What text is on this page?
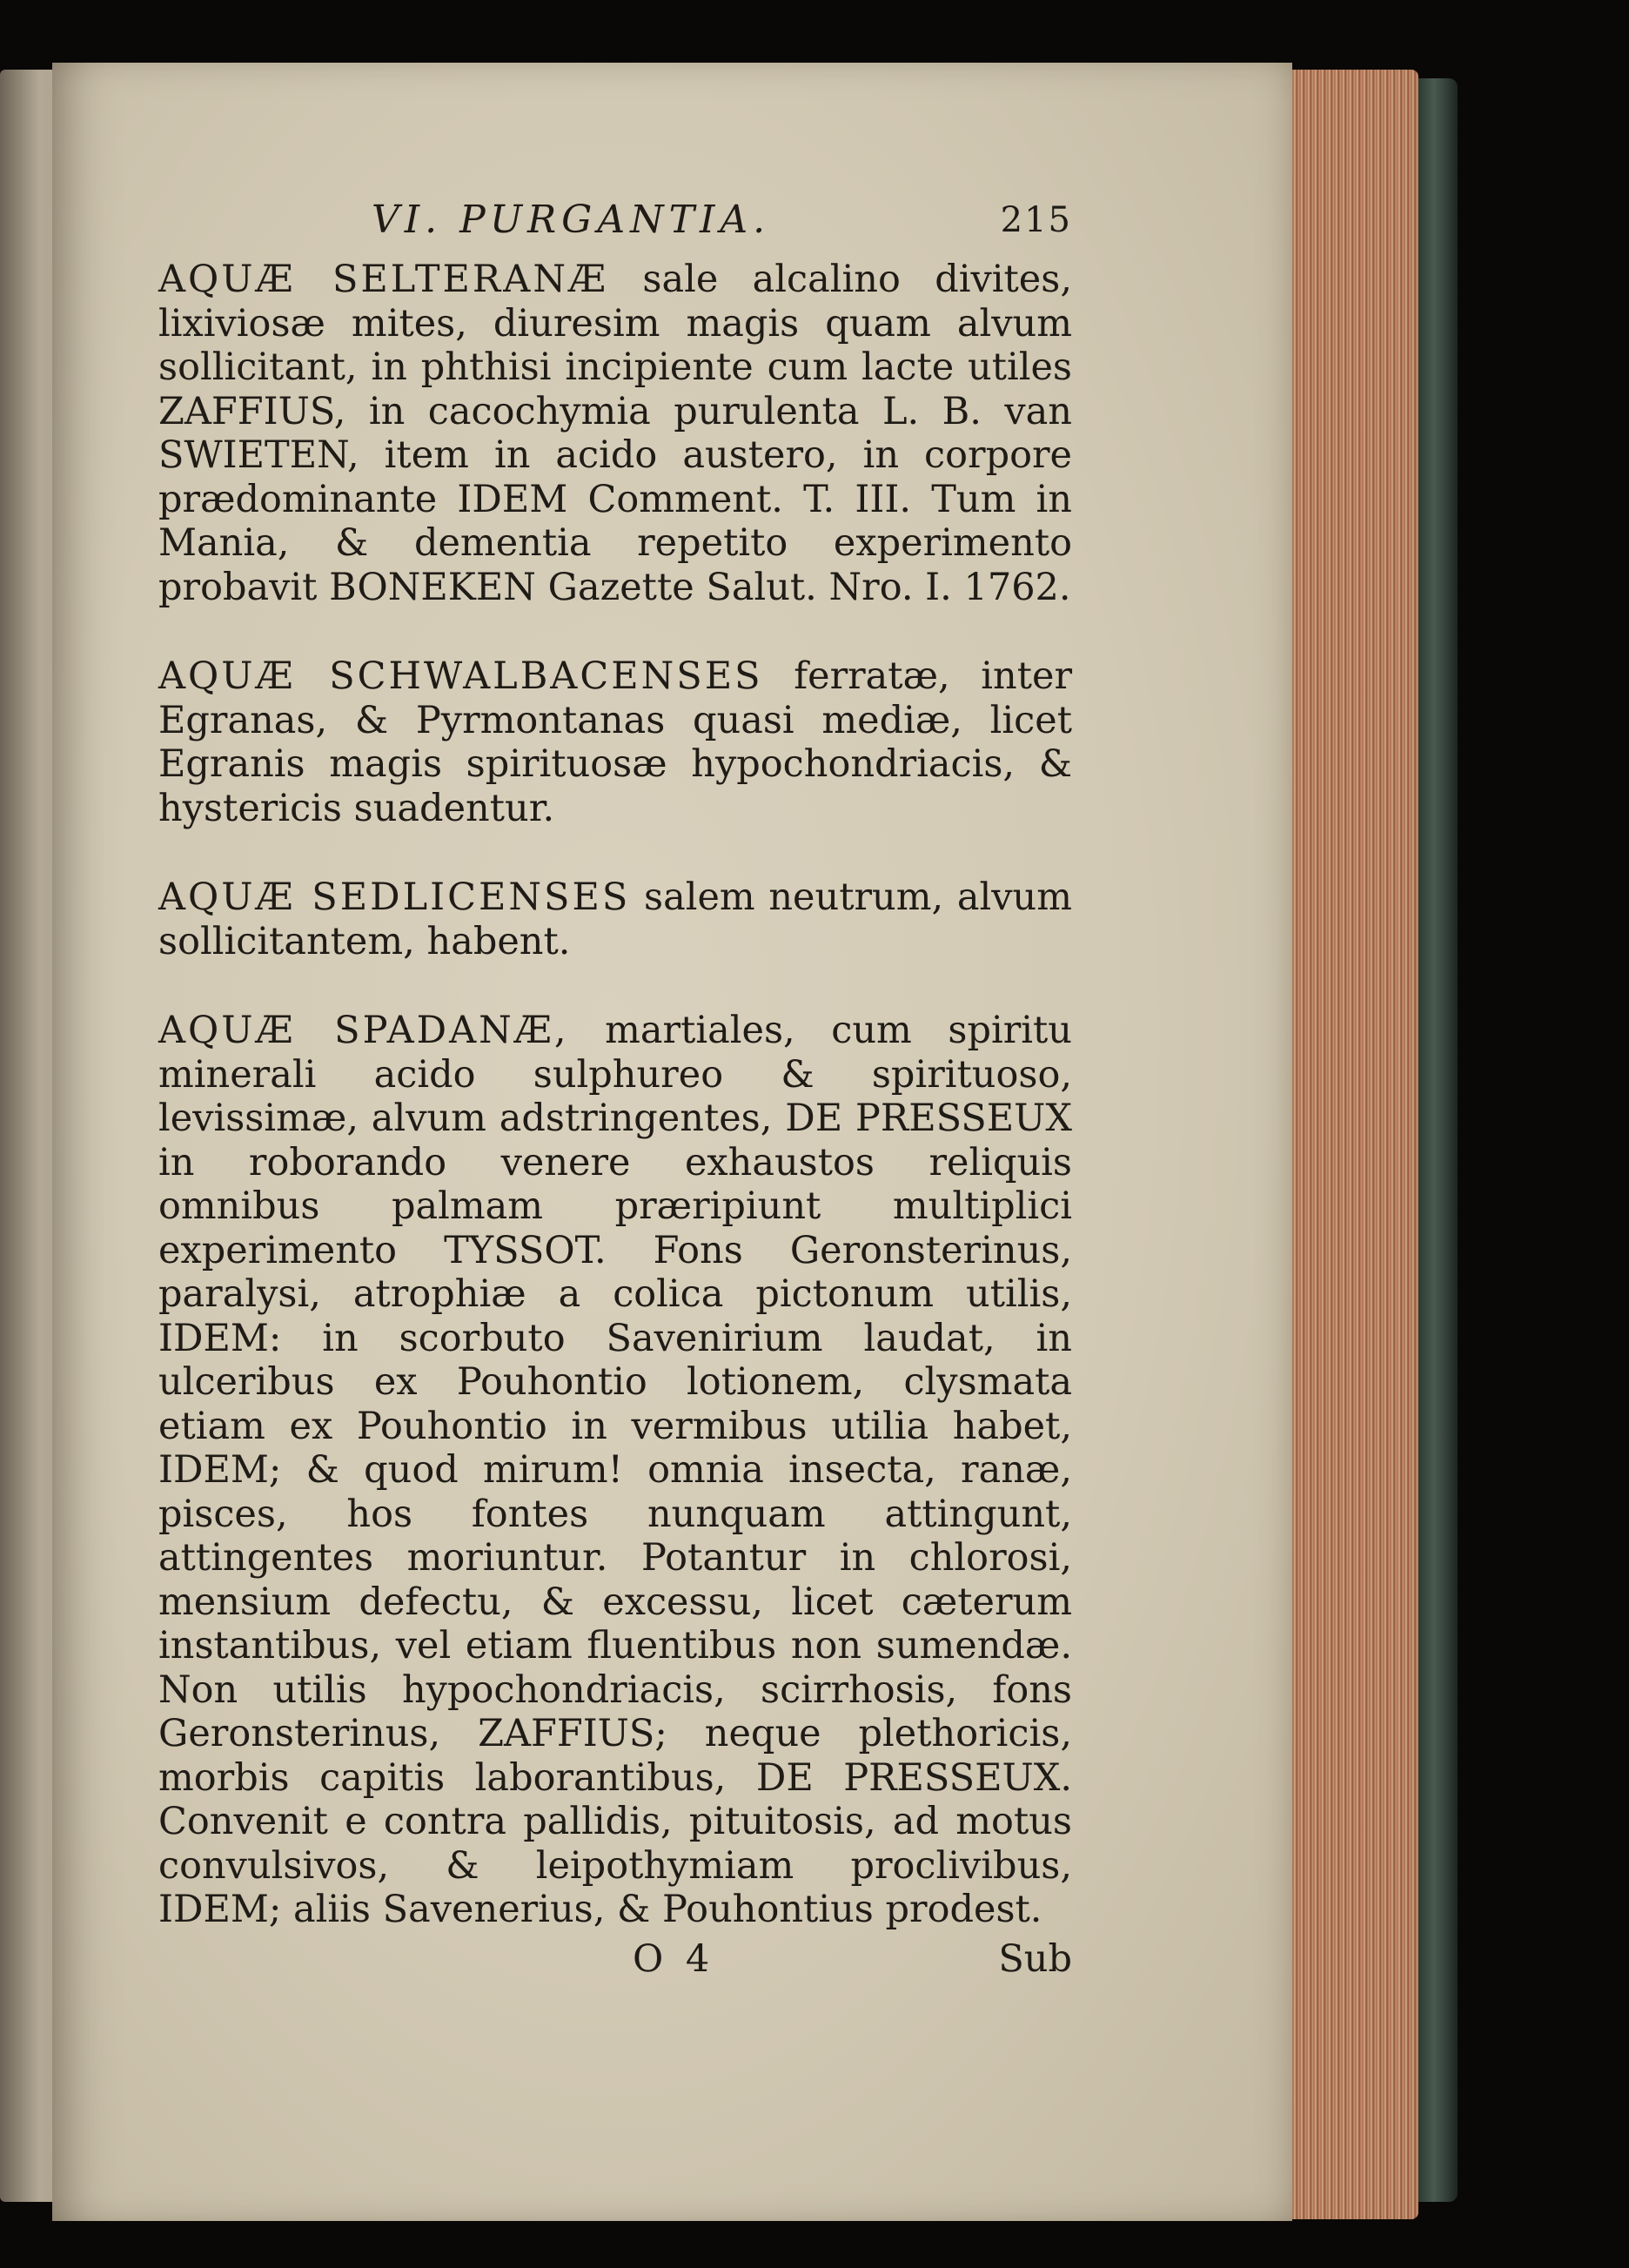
VI. PURGANTIA.	215

AQUÆ SELTERANÆ sale alcalino divites, lixiviosæ mites, diuresim magis quam alvum sollicitant, in phthisi incipiente cum lacte utiles ZAFFIUS, in cacochymia purulenta L. B. van SWIETEN, item in acido austero, in corpore prædominante IDEM Comment. T. III. Tum in Mania, & dementia repetito experimento probavit BONEKEN Gazette Salut. Nro. I. 1762.

AQUÆ SCHWALBACENSES ferratæ, inter Egranas, & Pyrmontanas quasi mediæ, licet Egranis magis spirituosæ hypochondriacis, & hystericis suadentur.

AQUÆ SEDLICENSES salem neutrum, alvum sollicitantem, habent.

AQUÆ SPADANÆ, martiales, cum spiritu minerali acido sulphureo & spirituoso, levissimæ, alvum adstringentes, DE PRESSEUX in roborando venere exhaustos reliquis omnibus palmam præripiunt multiplici experimento TYSSOT. Fons Geronsterinus, paralysi, atrophiæ a colica pictonum utilis, IDEM: in scorbuto Savenirium laudat, in ulceribus ex Pouhontio lotionem, clysmata etiam ex Pouhontio in vermibus utilia habet, IDEM; & quod mirum! omnia insecta, ranæ, pisces, hos fontes nunquam attingunt, attingentes moriuntur. Potantur in chlorosi, mensium defectu, & excessu, licet cæterum instantibus, vel etiam fluentibus non sumendæ. Non utilis hypochondriacis, scirrhosis, fons Geronsterinus, ZAFFIUS; neque plethoricis, morbis capitis laborantibus, DE PRESSEUX. Convenit e contra pallidis, pituitosis, ad motus convulsivos, & leipothymiam proclivibus, IDEM; aliis Savenerius, & Pouhontius prodest.

O 4	Sub
